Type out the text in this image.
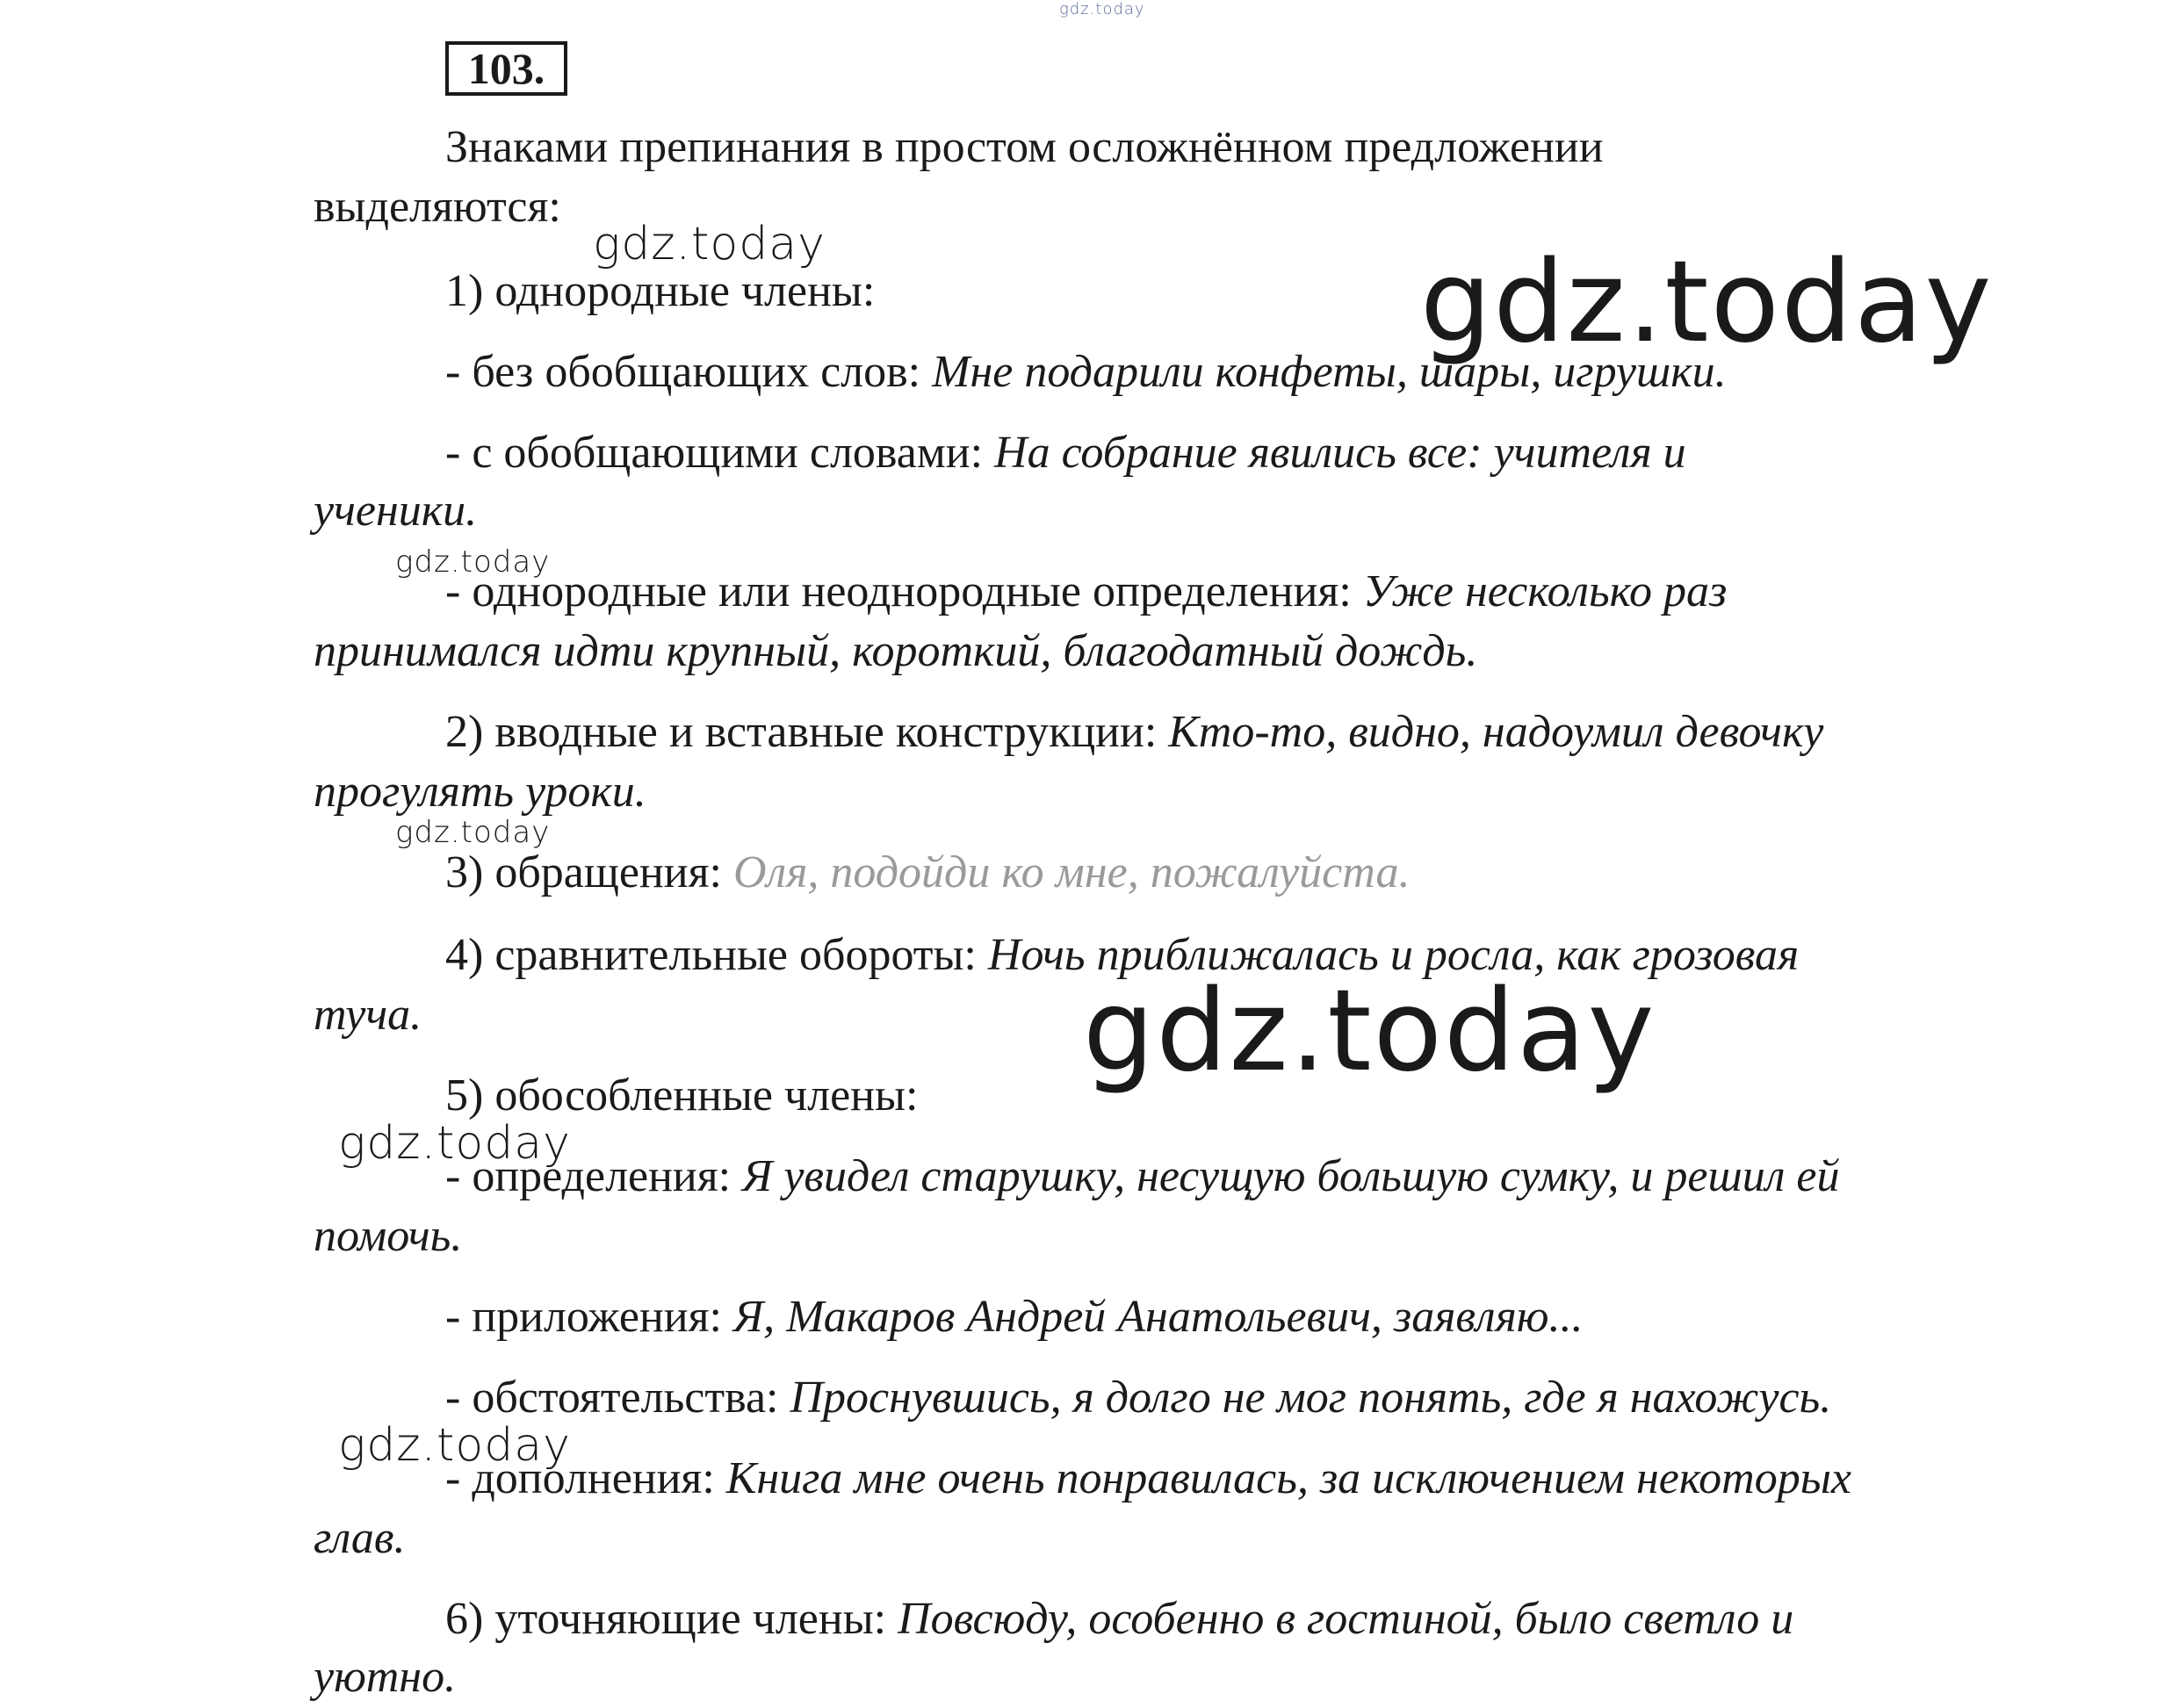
gdz.today
103.
Знаками препинания в простом осложнённом предложении
выделяются:
gdz.today	gdz.today
1) однородные члены:
- без обобщающих слов: Мне подарили конфеты, шары, игрушки.
- с обобщающими словами: На собрание явились все: учителя и
ученики.
gdz.today
- однородные или неоднородные определения: Уже несколько раз
принимался идти крупный, короткий, благодатный дождь.
2) вводные и вставные конструкции: Кто-то, видно, надоумил девочку
прогулять уроки.
gdz.today
3) обращения: Оля, подойди ко мне, пожалуйста.
4) сравнительные обороты: Ночь приближалась и росла, как грозовая
туча.	gdz.today
5) обособленные члены:
gdz.today
- определения: Я увидел старушку, несущую большую сумку, и решил ей
помочь.
- приложения: Я, Макаров Андрей Анатольевич, заявляю...
- обстоятельства: Проснувшись, я долго не мог понять, где я нахожусь.
gdz.today
- дополнения: Книга мне очень понравилась, за исключением некоторых
глав.
6) уточняющие члены: Повсюду, особенно в гостиной, было светло и
уютно.
